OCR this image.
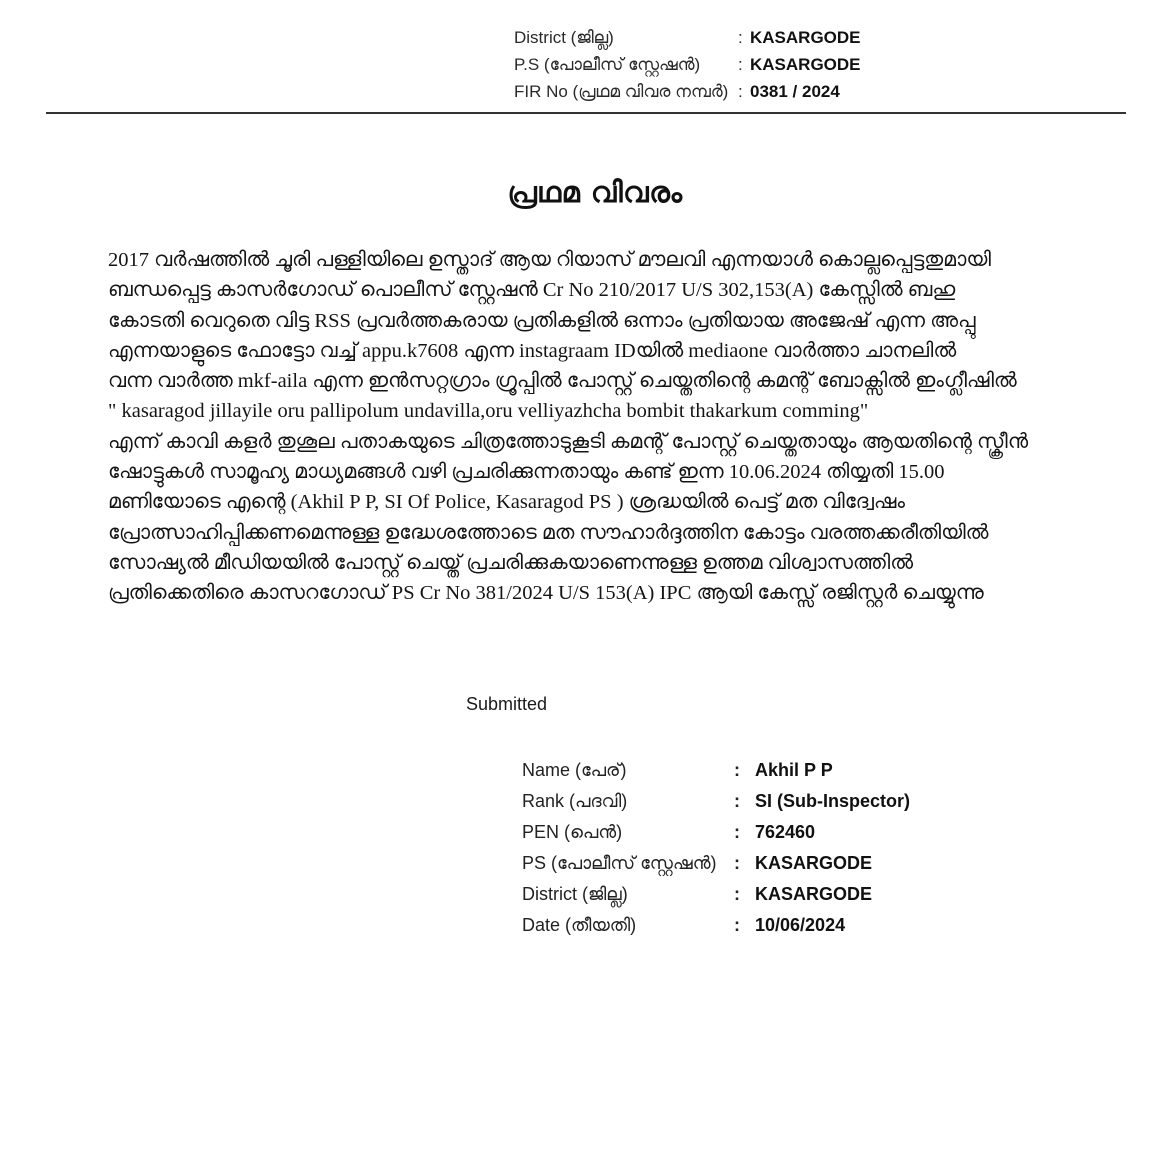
District (ജില്ല)	: KASARGODE
P.S (പോലീസ് സ്റ്റേഷൻ) : KASARGODE
FIR No (പ്രഥമ വിവര നമ്പർ) : 0381 / 2024
പ്രഥമ വിവരം
2017 വർഷത്തിൽ ചൂരി പള്ളിയിലെ ഉസ്താദ് ആയ റിയാസ് മൗലവി എന്നയാൾ കൊല്ലപ്പെട്ടതുമായി
ബന്ധപ്പെട്ട കാസർഗോഡ് പൊലീസ് സ്റ്റേഷൻ Cr No 210/2017 U/S 302,153(A) കേസ്സിൽ ബഹു
കോടതി വെറുതെ വിട്ട RSS പ്രവർത്തകരായ പ്രതികളിൽ ഒന്നാം പ്രതിയായ അജേഷ് എന്ന അപ്പു
എന്നയാളുടെ ഫോട്ടോ വച്ച് appu.k7608 എന്ന instagraam IDയിൽ mediaone വാർത്താ ചാനലിൽ
വന്ന വാർത്ത mkf-aila എന്ന ഇൻസറ്റഗ്രാം ഗ്രൂപ്പിൽ പോസ്റ്റ് ചെയ്തതിന്റെ കമന്റ് ബോക്സിൽ ഇംഗ്ലീഷിൽ
" kasaragod jillayile oru pallipolum undavilla,oru velliyazhcha bombit thakarkum comming"
എന്ന് കാവി കളർ തുശൂല പതാകയുടെ ചിത്രത്തോടുകൂടി കമന്റ് പോസ്റ്റ് ചെയ്തതായും ആയതിന്റെ സ്ക്രീൻ
ഷോട്ടുകൾ സാമൂഹ്യ മാധ്യമങ്ങൾ വഴി പ്രചരിക്കുന്നതായും കണ്ട് ഇന്ന 10.06.2024 തിയ്യതി 15.00
മണിയോടെ എന്റെ (Akhil P P, SI Of Police, Kasaragod PS ) ശ്രദ്ധയിൽ പെട്ട് മത വിദ്വേഷം
പ്രോത്സാഹിപ്പിക്കണമെന്നുള്ള ഉദ്ധേശത്തോടെ മത സൗഹാർദ്ദത്തിന കോട്ടം വരത്തക്കരീതിയിൽ
സോഷ്യൽ മീഡിയയിൽ പോസ്റ്റ് ചെയ്ത് പ്രചരിക്കുകയാണെന്നുള്ള ഉത്തമ വിശ്വാസത്തിൽ
പ്രതിക്കെതിരെ കാസറഗോഡ് PS Cr No 381/2024 U/S 153(A) IPC ആയി കേസ്സ് രജിസ്റ്റർ ചെയ്യുന്നു
Submitted
Name (പേര്)	: Akhil P P
Rank (പദവി)	: SI (Sub-Inspector)
PEN (പെൻ)	: 762460
PS (പോലീസ് സ്റ്റേഷൻ) : KASARGODE
District (ജില്ല)	: KASARGODE
Date (തീയതി)	: 10/06/2024
